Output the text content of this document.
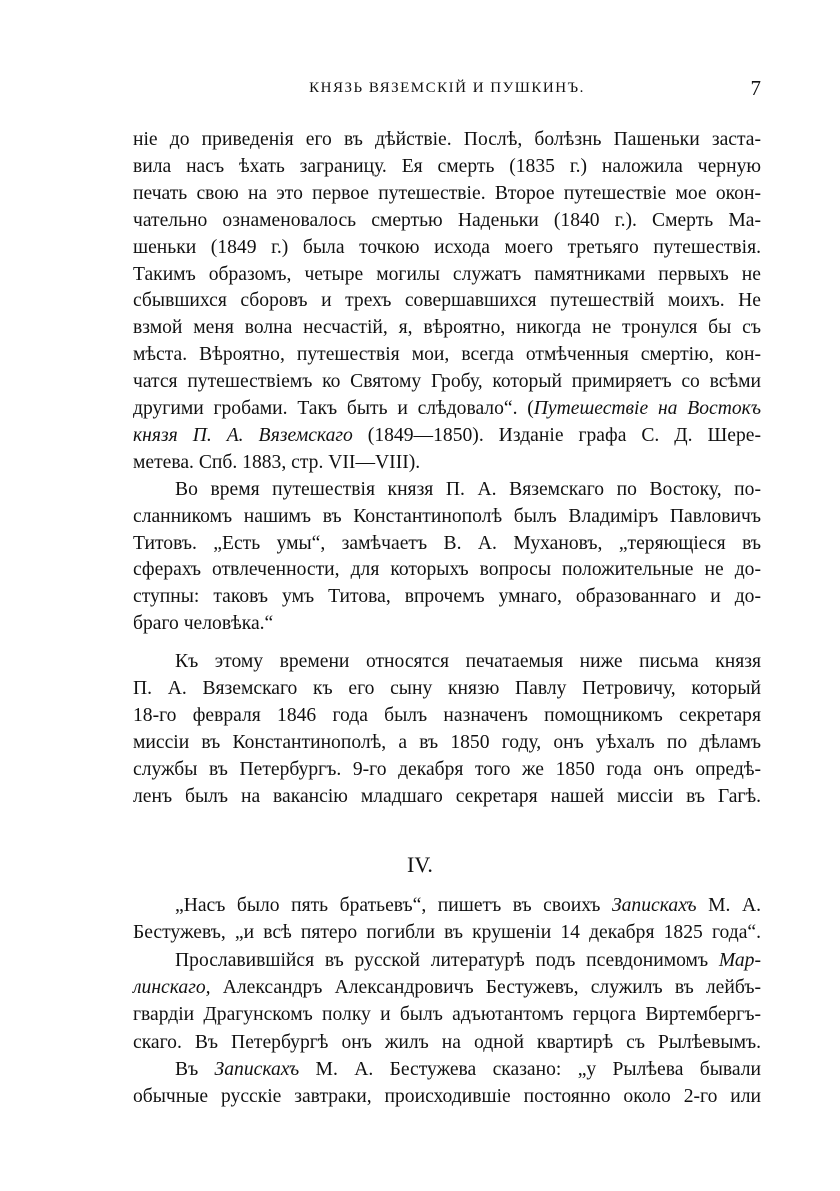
КНЯЗЬ ВЯЗЕМСКІЙ И ПУШКИНЪ.	7
IV.
ніе до приведенія его въ дѣйствіе. Послѣ, болѣзнь Пашеньки заста-
вила насъ ѣхать заграницу. Ея смерть (1835 г.) наложила черную
печать свою на это первое путешествіе. Второе путешествіе мое окон-
чательно ознаменовалось смертью Наденьки (1840 г.). Смерть Ма-
шеньки (1849 г.) была точкою исхода моего третьяго путешествія.
Такимъ образомъ, четыре могилы служатъ памятниками первыхъ не
сбывшихся сборовъ и трехъ совершавшихся путешествій моихъ. Не
взмой меня волна несчастій, я, вѣроятно, никогда не тронулся бы съ
мѣста. Вѣроятно, путешествія мои, всегда отмѣченныя смертію, кон-
чатся путешествіемъ ко Святому Гробу, который примиряетъ со всѣми
другими гробами. Такъ быть и слѣдовало“. (Путешествіе на Востокъ
князя П. А. Вяземскаго (1849—1850). Изданіе графа С. Д. Шере-
метева. Спб. 1883, стр. VII—VIII).
Во время путешествія князя П. А. Вяземскаго по Востоку, по-
сланникомъ нашимъ въ Константинополѣ былъ Владиміръ Павловичъ
Титовъ. „Есть умы“, замѣчаетъ В. А. Мухановъ, „теряющіеся въ
сферахъ отвлеченности, для которыхъ вопросы положительные не до-
ступны: таковъ умъ Титова, впрочемъ умнаго, образованнаго и до-
браго человѣка.“
Къ этому времени относятся печатаемыя ниже письма князя
П. А. Вяземскаго къ его сыну князю Павлу Петровичу, который
18-го февраля 1846 года былъ назначенъ помощникомъ секретаря
миссіи въ Константинополѣ, а въ 1850 году, онъ уѣхалъ по дѣламъ
службы въ Петербургъ. 9-го декабря того же 1850 года онъ опредѣ-
ленъ былъ на вакансію младшаго секретаря нашей миссіи въ Гагѣ.
„Насъ было пять братьевъ“, пишетъ въ своихъ Запискахъ М. А.
Бестужевъ, „и всѣ пятеро погибли въ крушеніи 14 декабря 1825 года“.
Прославившійся въ русской литературѣ подъ псевдонимомъ Мар-
линскаго, Александръ Александровичъ Бестужевъ, служилъ въ лейбъ-
гвардіи Драгунскомъ полку и былъ адъютантомъ герцога Виртембергъ-
скаго. Въ Петербургѣ онъ жилъ на одной квартирѣ съ Рылѣевымъ.
Въ Запискахъ М. А. Бестужева сказано: „у Рылѣева бывали
обычные русскіе завтраки, происходившіе постоянно около 2-го или
